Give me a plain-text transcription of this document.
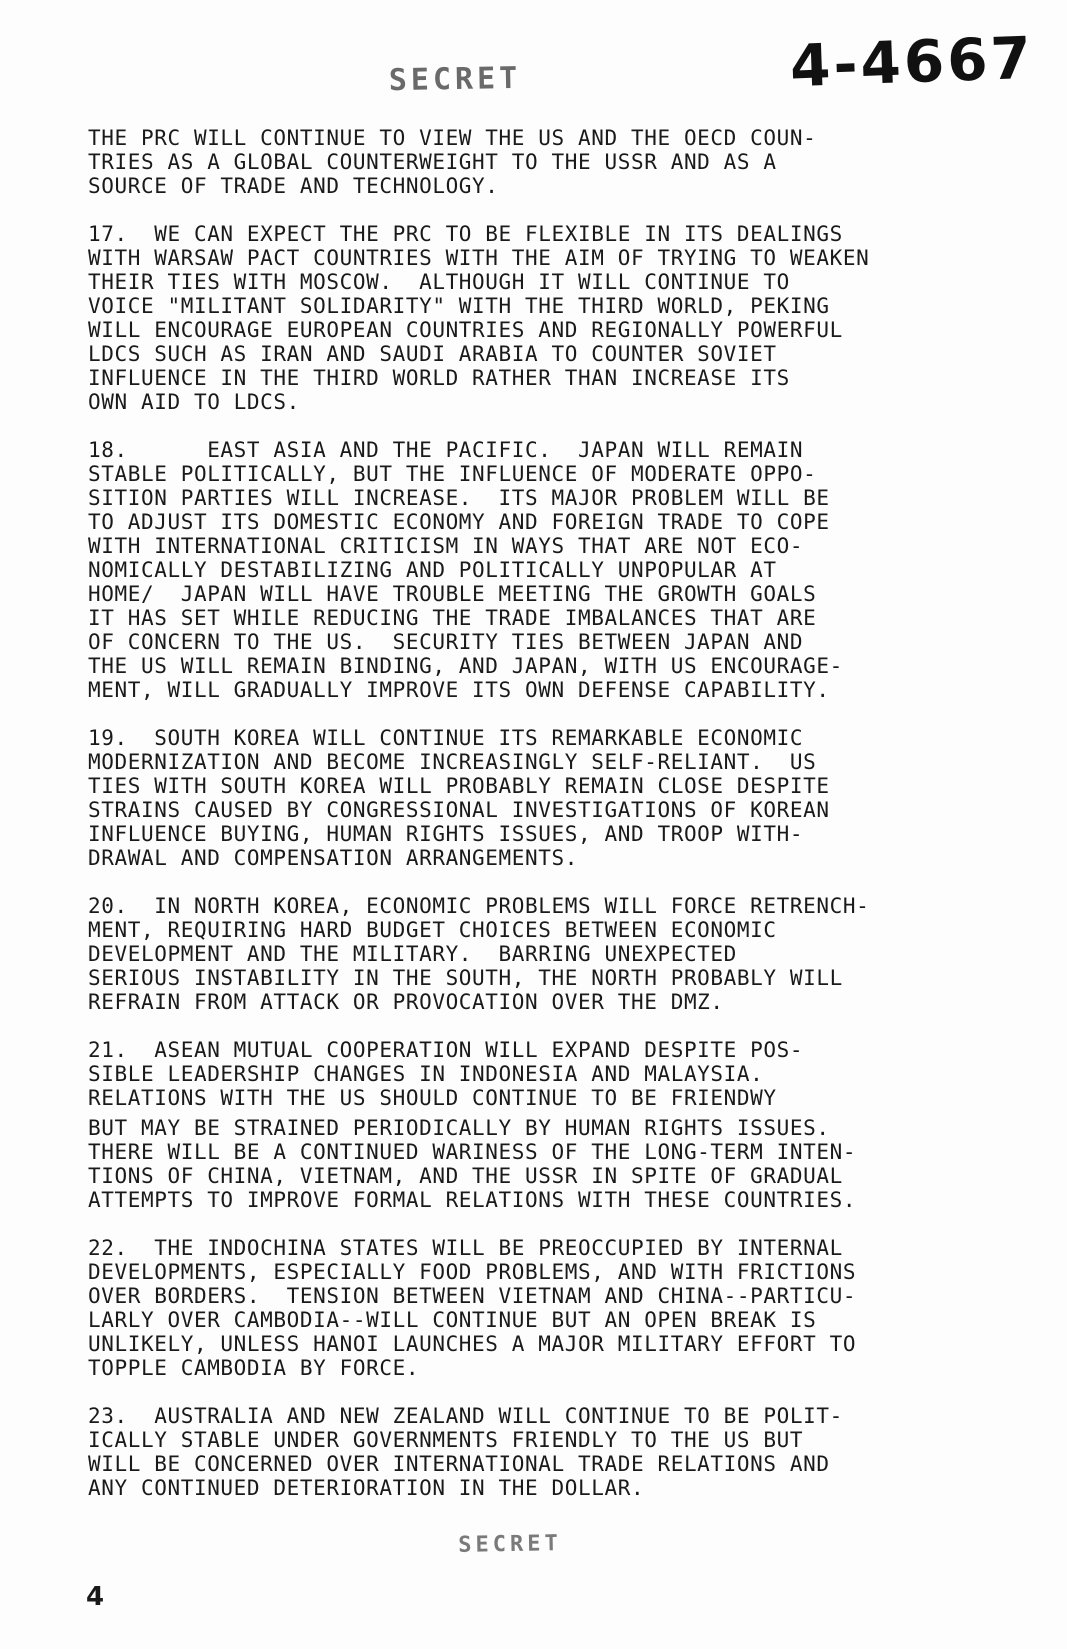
SECRET	4-4667

THE PRC WILL CONTINUE TO VIEW THE US AND THE OECD COUN-
TRIES AS A GLOBAL COUNTERWEIGHT TO THE USSR AND AS A
SOURCE OF TRADE AND TECHNOLOGY.

17.  WE CAN EXPECT THE PRC TO BE FLEXIBLE IN ITS DEALINGS
WITH WARSAW PACT COUNTRIES WITH THE AIM OF TRYING TO WEAKEN
THEIR TIES WITH MOSCOW.  ALTHOUGH IT WILL CONTINUE TO
VOICE "MILITANT SOLIDARITY" WITH THE THIRD WORLD, PEKING
WILL ENCOURAGE EUROPEAN COUNTRIES AND REGIONALLY POWERFUL
LDCS SUCH AS IRAN AND SAUDI ARABIA TO COUNTER SOVIET
INFLUENCE IN THE THIRD WORLD RATHER THAN INCREASE ITS
OWN AID TO LDCS.

18.      EAST ASIA AND THE PACIFIC.  JAPAN WILL REMAIN
STABLE POLITICALLY, BUT THE INFLUENCE OF MODERATE OPPO-
SITION PARTIES WILL INCREASE.  ITS MAJOR PROBLEM WILL BE
TO ADJUST ITS DOMESTIC ECONOMY AND FOREIGN TRADE TO COPE
WITH INTERNATIONAL CRITICISM IN WAYS THAT ARE NOT ECO-
NOMICALLY DESTABILIZING AND POLITICALLY UNPOPULAR AT
HOME/  JAPAN WILL HAVE TROUBLE MEETING THE GROWTH GOALS
IT HAS SET WHILE REDUCING THE TRADE IMBALANCES THAT ARE
OF CONCERN TO THE US.  SECURITY TIES BETWEEN JAPAN AND
THE US WILL REMAIN BINDING, AND JAPAN, WITH US ENCOURAGE-
MENT, WILL GRADUALLY IMPROVE ITS OWN DEFENSE CAPABILITY.

19.  SOUTH KOREA WILL CONTINUE ITS REMARKABLE ECONOMIC
MODERNIZATION AND BECOME INCREASINGLY SELF-RELIANT.  US
TIES WITH SOUTH KOREA WILL PROBABLY REMAIN CLOSE DESPITE
STRAINS CAUSED BY CONGRESSIONAL INVESTIGATIONS OF KOREAN
INFLUENCE BUYING, HUMAN RIGHTS ISSUES, AND TROOP WITH-
DRAWAL AND COMPENSATION ARRANGEMENTS.

20.  IN NORTH KOREA, ECONOMIC PROBLEMS WILL FORCE RETRENCH-
MENT, REQUIRING HARD BUDGET CHOICES BETWEEN ECONOMIC
DEVELOPMENT AND THE MILITARY.  BARRING UNEXPECTED
SERIOUS INSTABILITY IN THE SOUTH, THE NORTH PROBABLY WILL
REFRAIN FROM ATTACK OR PROVOCATION OVER THE DMZ.

21.  ASEAN MUTUAL COOPERATION WILL EXPAND DESPITE POS-
SIBLE LEADERSHIP CHANGES IN INDONESIA AND MALAYSIA.
RELATIONS WITH THE US SHOULD CONTINUE TO BE FRIENDWY

BUT MAY BE STRAINED PERIODICALLY BY HUMAN RIGHTS ISSUES.
THERE WILL BE A CONTINUED WARINESS OF THE LONG-TERM INTEN-
TIONS OF CHINA, VIETNAM, AND THE USSR IN SPITE OF GRADUAL
ATTEMPTS TO IMPROVE FORMAL RELATIONS WITH THESE COUNTRIES.

22.  THE INDOCHINA STATES WILL BE PREOCCUPIED BY INTERNAL
DEVELOPMENTS, ESPECIALLY FOOD PROBLEMS, AND WITH FRICTIONS
OVER BORDERS.  TENSION BETWEEN VIETNAM AND CHINA--PARTICU-
LARLY OVER CAMBODIA--WILL CONTINUE BUT AN OPEN BREAK IS
UNLIKELY, UNLESS HANOI LAUNCHES A MAJOR MILITARY EFFORT TO
TOPPLE CAMBODIA BY FORCE.

23.  AUSTRALIA AND NEW ZEALAND WILL CONTINUE TO BE POLIT-
ICALLY STABLE UNDER GOVERNMENTS FRIENDLY TO THE US BUT
WILL BE CONCERNED OVER INTERNATIONAL TRADE RELATIONS AND
ANY CONTINUED DETERIORATION IN THE DOLLAR.

SECRET
4
